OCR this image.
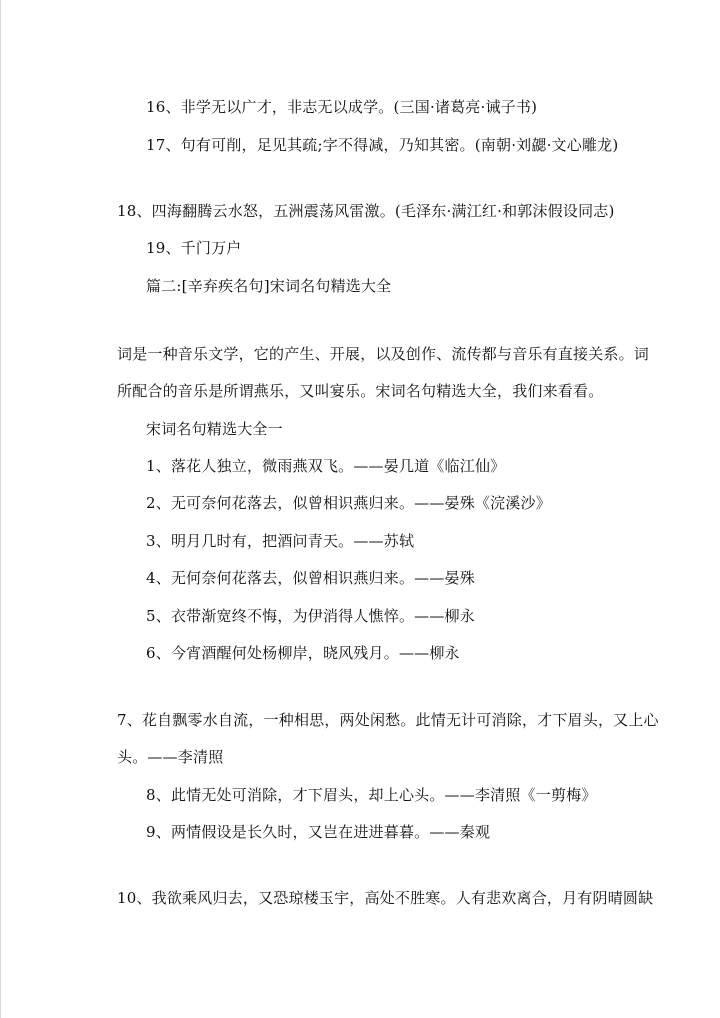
16、非学无以广才，非志无以成学。(三国·诸葛亮·诫子书)
17、句有可削，足见其疏;字不得减，乃知其密。(南朝·刘勰·文心雕龙)
18、四海翻腾云水怒，五洲震荡风雷激。(毛泽东·满江红·和郭沫假设同志)
19、千门万户
篇二:[辛弃疾名句]宋词名句精选大全
词是一种音乐文学，它的产生、开展，以及创作、流传都与音乐有直接关系。词
所配合的音乐是所谓燕乐，又叫宴乐。宋词名句精选大全，我们来看看。
宋词名句精选大全一
1、落花人独立，微雨燕双飞。——晏几道《临江仙》
2、无可奈何花落去，似曾相识燕归来。——晏殊《浣溪沙》
3、明月几时有，把酒问青天。——苏轼
4、无何奈何花落去，似曾相识燕归来。——晏殊
5、衣带渐宽终不悔，为伊消得人憔悴。——柳永
6、今宵酒醒何处杨柳岸，晓风残月。——柳永
7、花自飘零水自流，一种相思，两处闲愁。此情无计可消除，才下眉头，又上心
头。——李清照
8、此情无处可消除，才下眉头，却上心头。——李清照《一剪梅》
9、两情假设是长久时，又岂在进进暮暮。——秦观
10、我欲乘风归去，又恐琼楼玉宇，高处不胜寒。人有悲欢离合，月有阴晴圆缺
